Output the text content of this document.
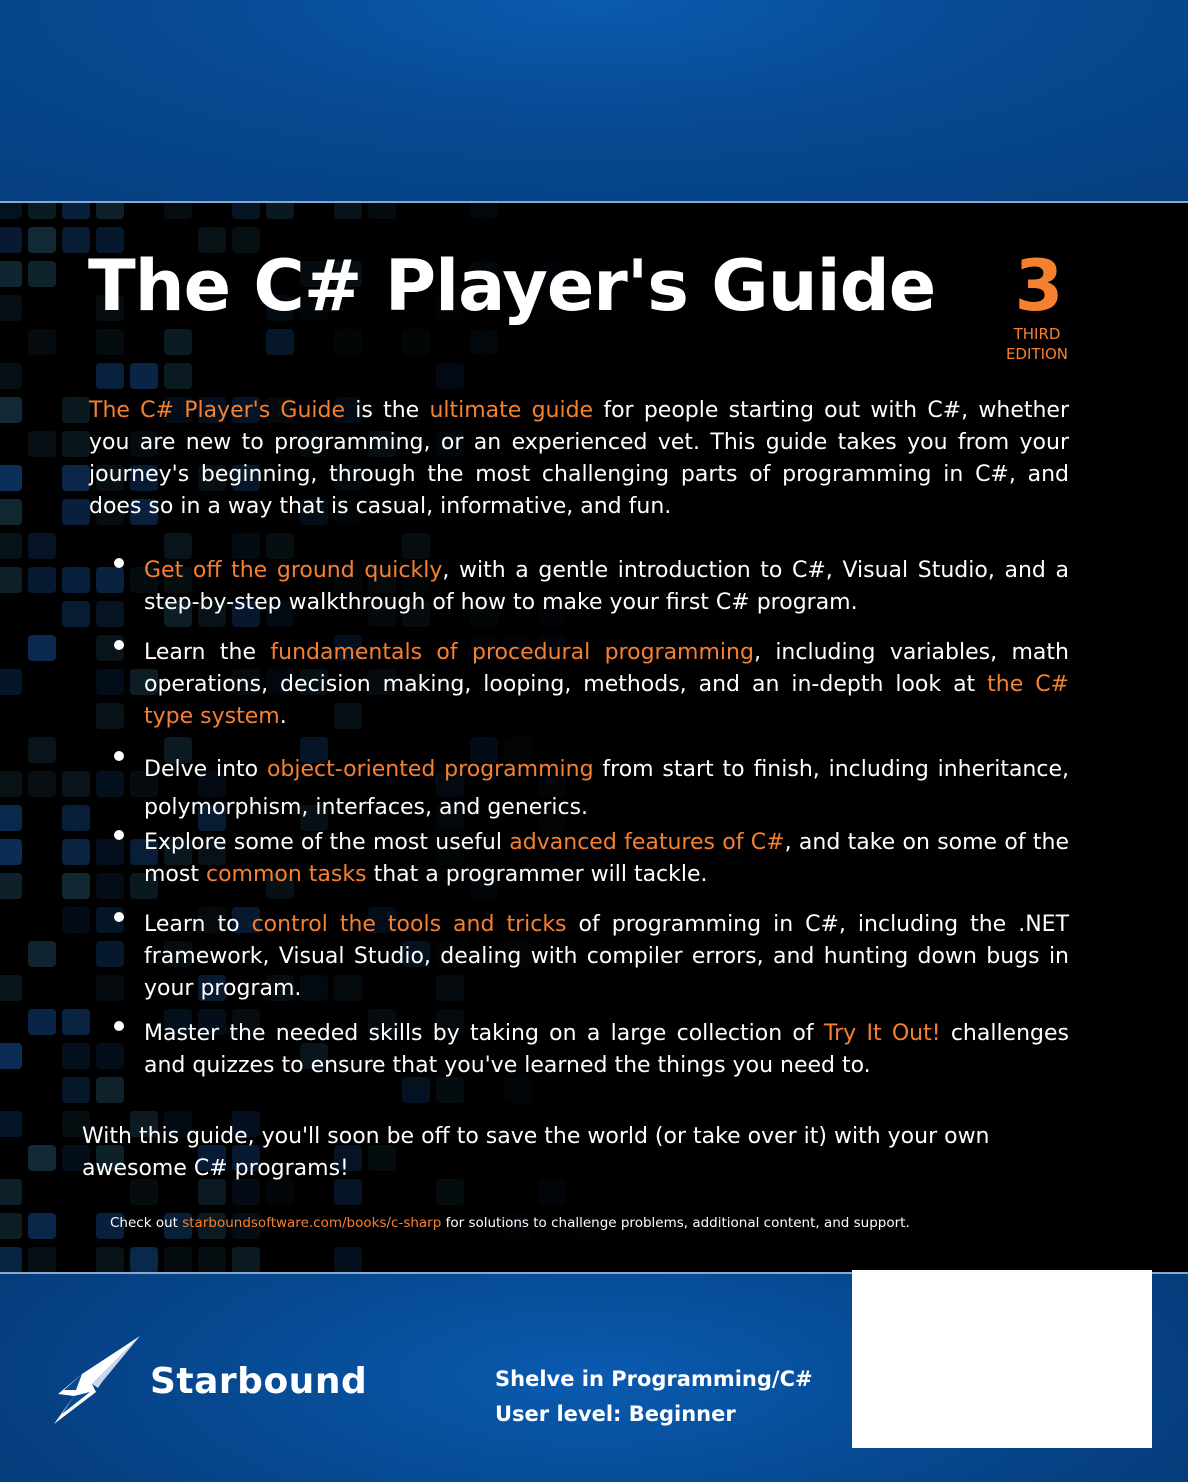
The C# Player's Guide 3
THIRD
EDITION

The C# Player's Guide is the ultimate guide for people starting out with C#, whether you are new to programming, or an experienced vet. This guide takes you from your journey's beginning, through the most challenging parts of programming in C#, and does so in a way that is casual, informative, and fun.

Get off the ground quickly, with a gentle introduction to C#, Visual Studio, and a step-by-step walkthrough of how to make your first C# program.
Learn the fundamentals of procedural programming, including variables, math operations, decision making, looping, methods, and an in-depth look at the C# type system.
Delve into object-oriented programming from start to finish, including inheritance, polymorphism, interfaces, and generics.
Explore some of the most useful advanced features of C#, and take on some of the most common tasks that a programmer will tackle.
Learn to control the tools and tricks of programming in C#, including the .NET framework, Visual Studio, dealing with compiler errors, and hunting down bugs in your program.
Master the needed skills by taking on a large collection of Try It Out! challenges and quizzes to ensure that you've learned the things you need to.

With this guide, you'll soon be off to save the world (or take over it) with your own awesome C# programs!

Check out starboundsoftware.com/books/c-sharp for solutions to challenge problems, additional content, and support.
Starbound	Shelve in Programming/C#
User level: Beginner
